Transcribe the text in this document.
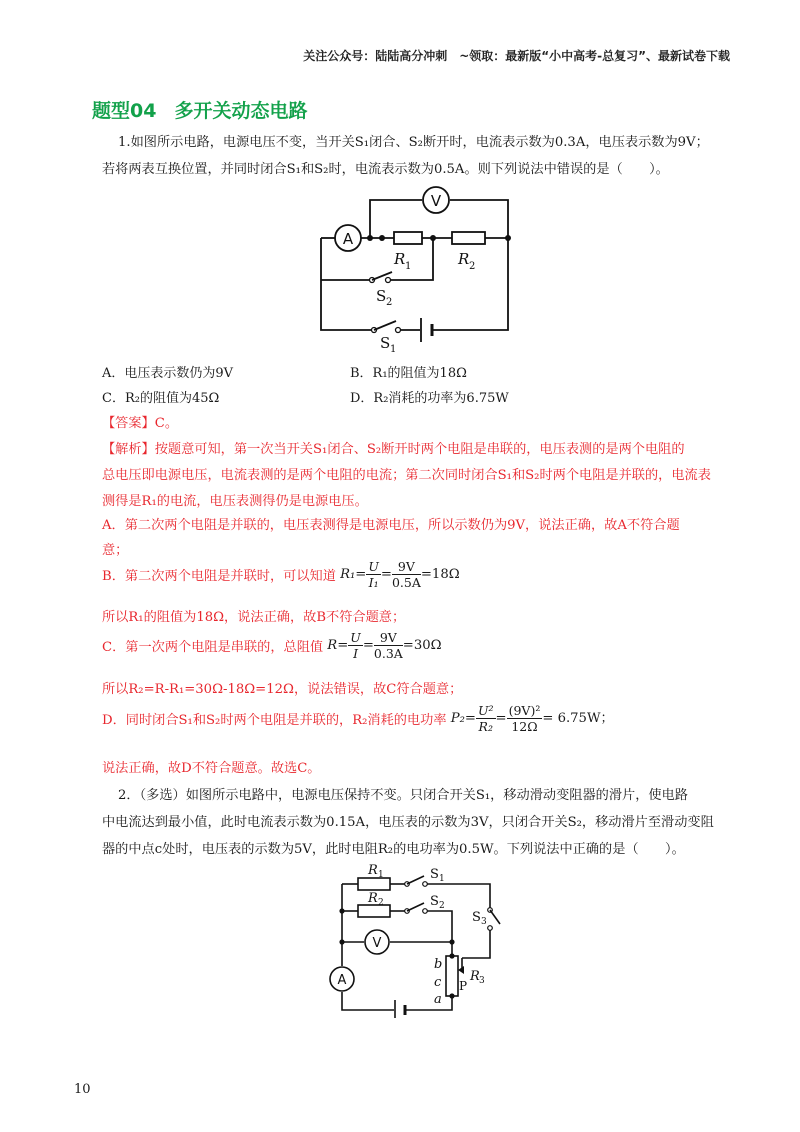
关注公众号：陆陆高分冲刺　~领取：最新版“小中高考-总复习”、最新试卷下载
题型04 多开关动态电路
1.如图所示电路，电源电压不变，当开关S₁闭合、S₂断开时，电流表示数为0.3A，电压表示数为9V；
若将两表互换位置，并同时闭合S₁和S₂时，电流表示数为0.5A。则下列说法中错误的是（　　）。
V
A
R 1	R 2
S 2
S 1
A．电压表示数仍为9V	B．R₁的阻值为18Ω
C．R₂的阻值为45Ω	D．R₂消耗的功率为6.75W
【答案】C。
【解析】按题意可知，第一次当开关S₁闭合、S₂断开时两个电阻是串联的，电压表测的是两个电阻的
总电压即电源电压，电流表测的是两个电阻的电流；第二次同时闭合S₁和S₂时两个电阻是并联的，电流表
测得是R₁的电流，电压表测得仍是电源电压。
A．第二次两个电阻是并联的，电压表测得是电源电压，所以示数仍为9V，说法正确，故A不符合题
意；
B．第二次两个电阻是并联时，可以知道 $R_1= \frac{U}{\text{I₁}} = \frac{9V}{0.5A} =18\Omega$
所以R₁的阻值为18Ω，说法正确，故B不符合题意；
C．第一次两个电阻是串联的，总阻值 $R= \frac{U}{I} = \frac{9V}{0.3A} =30\Omega$
所以R₂=R-R₁=30Ω-18Ω=12Ω，说法错误，故C符合题意；
D．同时闭合S₁和S₂时两个电阻是并联的，R₂消耗的电功率 $P_2= \frac{\text{U²}}{\text{R₂}} = \frac{\text{(9V)²}}{12\Omega} = 6.75W$；
说法正确，故D不符合题意。故选C。
2．（多选）如图所示电路中，电源电压保持不变。只闭合开关S₁，移动滑动变阻器的滑片，使电路
中电流达到最小值，此时电流表示数为0.15A，电压表的示数为3V，只闭合开关S₂，移动滑片至滑动变阻
器的中点c处时，电压表的示数为5V，此时电阻R₂的电功率为0.5W。下列说法中正确的是（　　）。
V
A
R 1
R 2
S 1
S 2
S 3
b
c
a
P
R 3
10
